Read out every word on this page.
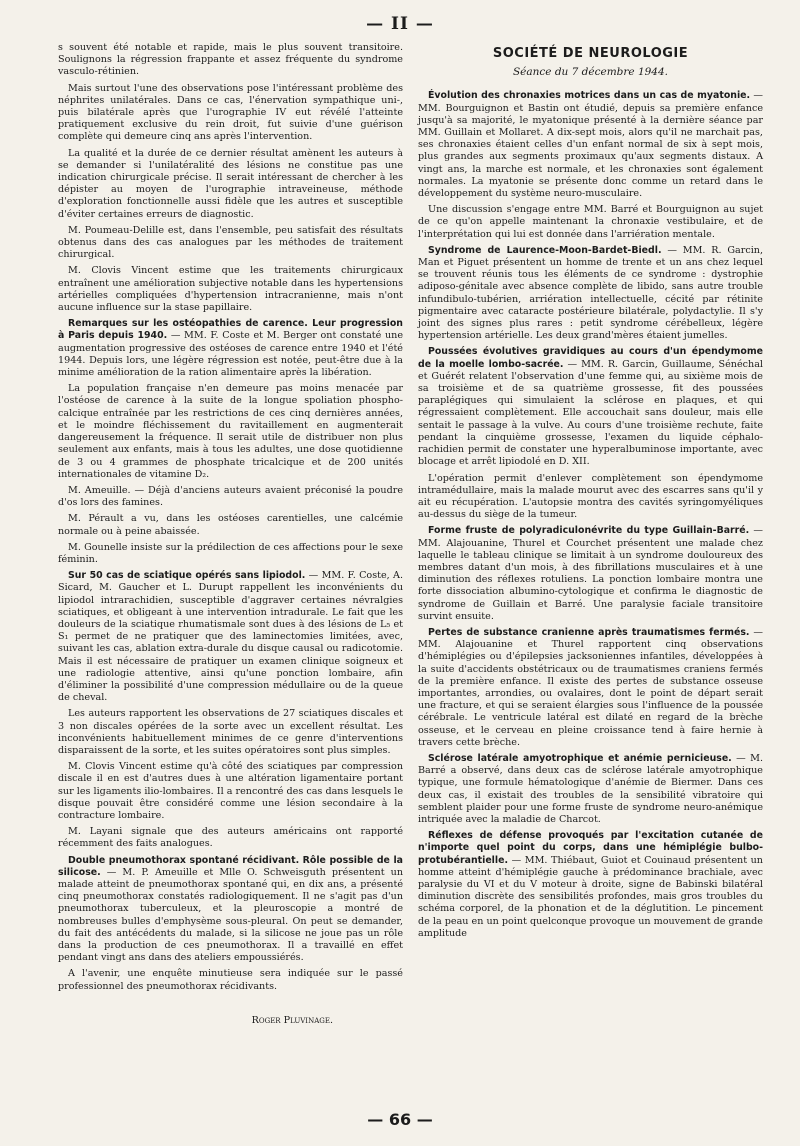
— II —

s souvent été notable et rapide, mais le plus souvent transitoire. Soulignons la régression frappante et assez fréquente du syndrome vasculo-rétinien.

Mais surtout l'une des observations pose l'intéressant problème des néphrites unilatérales. Dans ce cas, l'énervation sympathique uni-, puis bilatérale après que l'urographie IV eut révélé l'atteinte pratiquement exclusive du rein droit, fut suivie d'une guérison complète qui demeure cinq ans après l'intervention.

La qualité et la durée de ce dernier résultat amènent les auteurs à se demander si l'unilatéralité des lésions ne constitue pas une indication chirurgicale précise. Il serait intéressant de chercher à les dépister au moyen de l'urographie intraveineuse, méthode d'exploration fonctionnelle aussi fidèle que les autres et susceptible d'éviter certaines erreurs de diagnostic.

M. Poumeau-Delille est, dans l'ensemble, peu satisfait des résultats obtenus dans des cas analogues par les méthodes de traitement chirurgical.

M. Clovis Vincent estime que les traitements chirurgicaux entraînent une amélioration subjective notable dans les hypertensions artérielles compliquées d'hypertension intracranienne, mais n'ont aucune influence sur la stase papillaire.

Remarques sur les ostéopathies de carence. Leur progression à Paris depuis 1940. — MM. F. Coste et M. Berger ont constaté une augmentation progressive des ostéoses de carence entre 1940 et l'été 1944. Depuis lors, une légère régression est notée, peut-être due à la minime amélioration de la ration alimentaire après la libération.

La population française n'en demeure pas moins menacée par l'ostéose de carence à la suite de la longue spoliation phospho-calcique entraînée par les restrictions de ces cinq dernières années, et le moindre fléchissement du ravitaillement en augmenterait dangereusement la fréquence. Il serait utile de distribuer non plus seulement aux enfants, mais à tous les adultes, une dose quotidienne de 3 ou 4 grammes de phosphate tricalcique et de 200 unités internationales de vitamine D₂.

M. Ameuille. — Déjà d'anciens auteurs avaient préconisé la poudre d'os lors des famines.

M. Pérault a vu, dans les ostéoses carentielles, une calcémie normale ou à peine abaissée.

M. Gounelle insiste sur la prédilection de ces affections pour le sexe féminin.

Sur 50 cas de sciatique opérés sans lipiodol. — MM. F. Coste, A. Sicard, M. Gaucher et L. Durupt rappellent les inconvénients du lipiodol intrarachidien, susceptible d'aggraver certaines névralgies sciatiques, et obligeant à une intervention intradurale. Le fait que les douleurs de la sciatique rhumatismale sont dues à des lésions de L₅ et S₁ permet de ne pratiquer que des laminectomies limitées, avec, suivant les cas, ablation extra-durale du disque causal ou radicotomie. Mais il est nécessaire de pratiquer un examen clinique soigneux et une radiologie attentive, ainsi qu'une ponction lombaire, afin d'éliminer la possibilité d'une compression médullaire ou de la queue de cheval.

Les auteurs rapportent les observations de 27 sciatiques discales et 3 non discales opérées de la sorte avec un excellent résultat. Les inconvénients habituellement minimes de ce genre d'interventions disparaissent de la sorte, et les suites opératoires sont plus simples.

M. Clovis Vincent estime qu'à côté des sciatiques par compression discale il en est d'autres dues à une altération ligamentaire portant sur les ligaments ilio-lombaires. Il a rencontré des cas dans lesquels le disque pouvait être considéré comme une lésion secondaire à la contracture lombaire.

M. Layani signale que des auteurs américains ont rapporté récemment des faits analogues.

Double pneumothorax spontané récidivant. Rôle possible de la silicose. — M. P. Ameuille et Mlle O. Schweisguth présentent un malade atteint de pneumothorax spontané qui, en dix ans, a présenté cinq pneumothorax constatés radiologiquement. Il ne s'agit pas d'un pneumothorax tuberculeux, et la pleuroscopie a montré de nombreuses bulles d'emphysème sous-pleural. On peut se demander, du fait des antécédents du malade, si la silicose ne joue pas un rôle dans la production de ces pneumothorax. Il a travaillé en effet pendant vingt ans dans des ateliers empoussiérés.

A l'avenir, une enquête minutieuse sera indiquée sur le passé professionnel des pneumothorax récidivants.

Roger Pluvinage.
SOCIÉTÉ DE NEUROLOGIE
Séance du 7 décembre 1944.

Évolution des chronaxies motrices dans un cas de myatonie. — MM. Bourguignon et Bastin ont étudié, depuis sa première enfance jusqu'à sa majorité, le myatonique présenté à la dernière séance par MM. Guillain et Mollaret. A dix-sept mois, alors qu'il ne marchait pas, ses chronaxies étaient celles d'un enfant normal de six à sept mois, plus grandes aux segments proximaux qu'aux segments distaux. A vingt ans, la marche est normale, et les chronaxies sont également normales. La myatonie se présente donc comme un retard dans le développement du système neuro-musculaire.

Une discussion s'engage entre MM. Barré et Bourguignon au sujet de ce qu'on appelle maintenant la chronaxie vestibulaire, et de l'interprétation qui lui est donnée dans l'arriération mentale.

Syndrome de Laurence-Moon-Bardet-Biedl. — MM. R. Garcin, Man et Piguet présentent un homme de trente et un ans chez lequel se trouvent réunis tous les éléments de ce syndrome : dystrophie adiposo-génitale avec absence complète de libido, sans autre trouble infundibulo-tubérien, arriération intellectuelle, cécité par rétinite pigmentaire avec cataracte postérieure bilatérale, polydactylie. Il s'y joint des signes plus rares : petit syndrome cérébelleux, légère hypertension artérielle. Les deux grand'mères étaient jumelles.

Poussées évolutives gravidiques au cours d'un épendymome de la moelle lombo-sacrée. — MM. R. Garcin, Guillaume, Sénéchal et Guérét relatent l'observation d'une femme qui, au sixième mois de sa troisième et de sa quatrième grossesse, fit des poussées paraplégiques qui simulaient la sclérose en plaques, et qui régressaient complètement. Elle accouchait sans douleur, mais elle sentait le passage à la vulve. Au cours d'une troisième rechute, faite pendant la cinquième grossesse, l'examen du liquide céphalo-rachidien permit de constater une hyperalbuminose importante, avec blocage et arrêt lipiodolé en D. XII.

L'opération permit d'enlever complètement son épendymome intramédullaire, mais la malade mourut avec des escarres sans qu'il y ait eu récupération. L'autopsie montra des cavités syringomyéliques au-dessus du siège de la tumeur.

Forme fruste de polyradiculonévrite du type Guillain-Barré. — MM. Alajouanine, Thurel et Courchet présentent une malade chez laquelle le tableau clinique se limitait à un syndrome douloureux des membres datant d'un mois, à des fibrillations musculaires et à une diminution des réflexes rotuliens. La ponction lombaire montra une forte dissociation albumino-cytologique et confirma le diagnostic de syndrome de Guillain et Barré. Une paralysie faciale transitoire survint ensuite.

Pertes de substance cranienne après traumatismes fermés. — MM. Alajouanine et Thurel rapportent cinq observations d'hémiplégies ou d'épilepsies jacksoniennes infantiles, développées à la suite d'accidents obstétricaux ou de traumatismes craniens fermés de la première enfance. Il existe des pertes de substance osseuse importantes, arrondies, ou ovalaires, dont le point de départ serait une fracture, et qui se seraient élargies sous l'influence de la poussée cérébrale. Le ventricule latéral est dilaté en regard de la brèche osseuse, et le cerveau en pleine croissance tend à faire hernie à travers cette brèche.

Sclérose latérale amyotrophique et anémie pernicieuse. — M. Barré a observé, dans deux cas de sclérose latérale amyotrophique typique, une formule hématologique d'anémie de Biermer. Dans ces deux cas, il existait des troubles de la sensibilité vibratoire qui semblent plaider pour une forme fruste de syndrome neuro-anémique intriquée avec la maladie de Charcot.

Réflexes de défense provoqués par l'excitation cutanée de n'importe quel point du corps, dans une hémiplégie bulbo-protubérantielle. — MM. Thiébaut, Guiot et Couinaud présentent un homme atteint d'hémiplégie gauche à prédominance brachiale, avec paralysie du VI et du V moteur à droite, signe de Babinski bilatéral diminution discrète des sensibilités profondes, mais gros troubles du schéma corporel, de la phonation et de la déglutition. Le pincement de la peau en un point quelconque provoque un mouvement de grande amplitude

— 66 —
